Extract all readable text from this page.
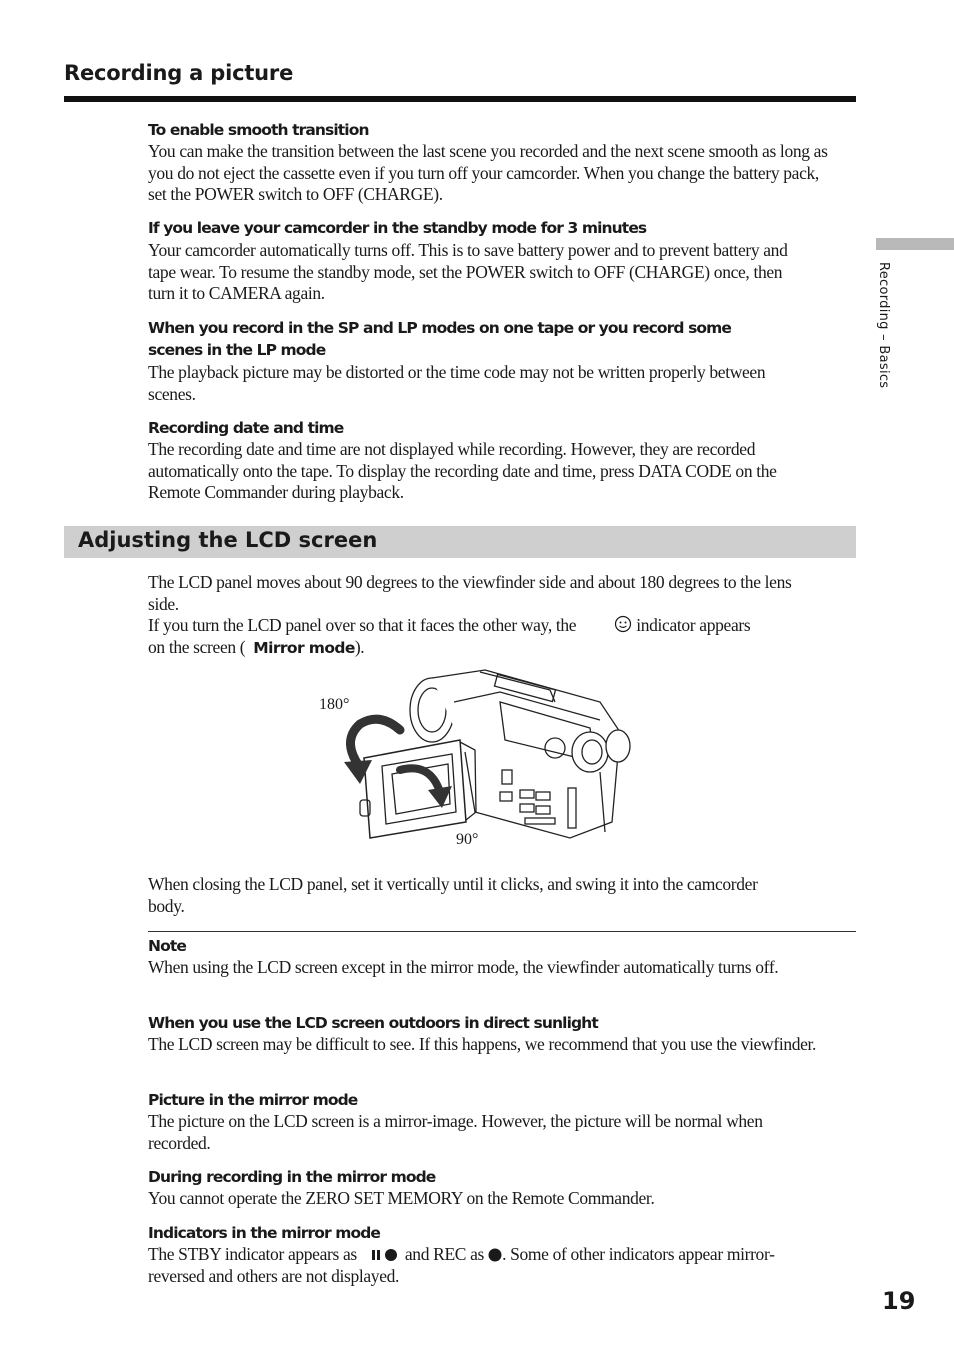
Recording a picture
Recording – Basics
To enable smooth transition
You can make the transition between the last scene you recorded and the next scene smooth as long as you do not eject the cassette even if you turn off your camcorder. When you change the battery pack, set the POWER switch to OFF (CHARGE).
If you leave your camcorder in the standby mode for 3 minutes
Your camcorder automatically turns off. This is to save battery power and to prevent battery and tape wear. To resume the standby mode, set the POWER switch to OFF (CHARGE) once, then turn it to CAMERA again.
When you record in the SP and LP modes on one tape or you record some scenes in the LP mode
The playback picture may be distorted or the time code may not be written properly between scenes.
Recording date and time
The recording date and time are not displayed while recording. However, they are recorded automatically onto the tape. To display the recording date and time, press DATA CODE on the Remote Commander during playback.
Adjusting the LCD screen
The LCD panel moves about 90 degrees to the viewfinder side and about 180 degrees to the lens side.
If you turn the LCD panel over so that it faces the other way, the	indicator appears
on the screen ( Mirror mode).
180°
90°
When closing the LCD panel, set it vertically until it clicks, and swing it into the camcorder body.
Note
When using the LCD screen except in the mirror mode, the viewfinder automatically turns off.
When you use the LCD screen outdoors in direct sunlight
The LCD screen may be difficult to see. If this happens, we recommend that you use the viewfinder.
Picture in the mirror mode
The picture on the LCD screen is a mirror-image. However, the picture will be normal when recorded.
During recording in the mirror mode
You cannot operate the ZERO SET MEMORY on the Remote Commander.
Indicators in the mirror mode
The STBY indicator appears as	and REC as . Some of other indicators appear mirror-reversed and others are not displayed.
19
